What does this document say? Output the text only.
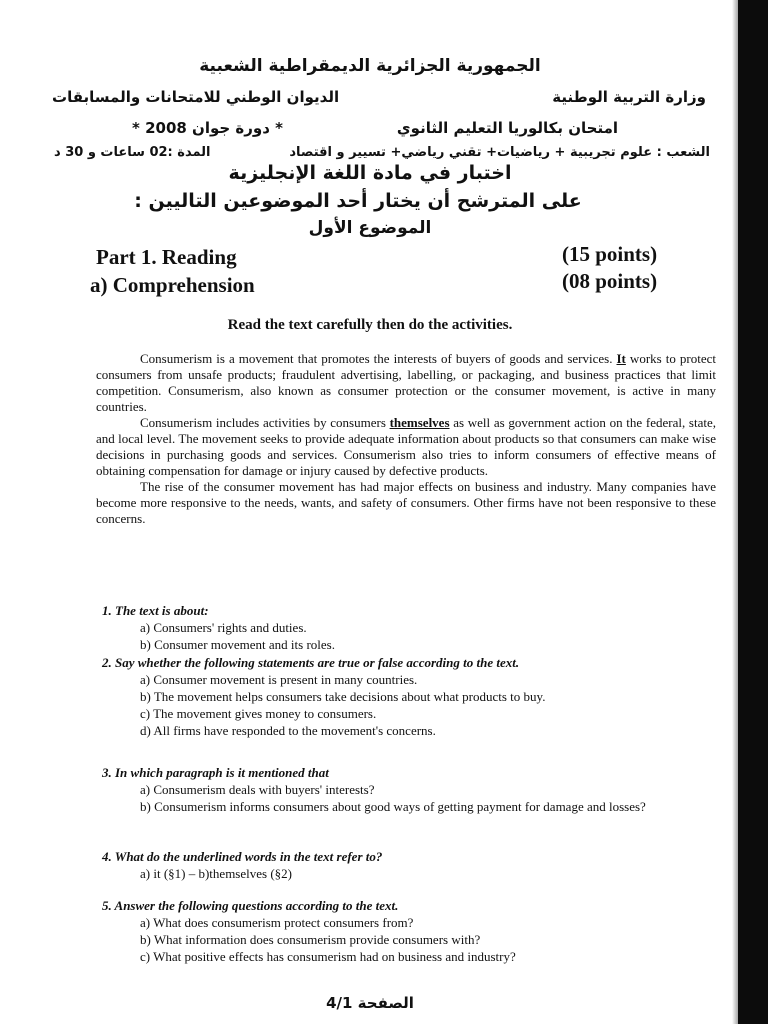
الجمهورية الجزائرية الديمقراطية الشعبية
الديوان الوطني للامتحانات والمسابقات	وزارة التربية الوطنية
* دورة جوان 2008 *	امتحان بكالوريا التعليم الثانوي
المدة :02 ساعات و 30 د	الشعب : علوم تجريبية + رياضيات+ تقني رياضي+ تسيير و اقتصاد
اختبار في مادة اللغة الإنجليزية
على المترشح أن يختار أحد الموضوعين التاليين :
الموضوع الأول
Part 1. Reading	(15 points)
a) Comprehension	(08 points)
Read the text carefully then do the activities.

Consumerism is a movement that promotes the interests of buyers of goods and services. It works to protect consumers from unsafe products; fraudulent advertising, labelling, or packaging, and business practices that limit competition. Consumerism, also known as consumer protection or the consumer movement, is active in many countries.

Consumerism includes activities by consumers themselves as well as government action on the federal, state, and local level. The movement seeks to provide adequate information about products so that consumers can make wise decisions in purchasing goods and services. Consumerism also tries to inform consumers of effective means of obtaining compensation for damage or injury caused by defective products.

The rise of the consumer movement has had major effects on business and industry. Many companies have become more responsive to the needs, wants, and safety of consumers. Other firms have not been responsive to these concerns.

1. The text is about:
a) Consumers' rights and duties.
b) Consumer movement and its roles.
2. Say whether the following statements are true or false according to the text.
a) Consumer movement is present in many countries.
b) The movement helps consumers take decisions about what products to buy.
c) The movement gives money to consumers.
d) All firms have responded to the movement's concerns.
3. In which paragraph is it mentioned that
a) Consumerism deals with buyers' interests?
b) Consumerism informs consumers about good ways of getting payment for damage and losses?
4. What do the underlined words in the text refer to?
a) it (§1) – b)themselves (§2)
5. Answer the following questions according to the text.
a) What does consumerism protect consumers from?
b) What information does consumerism provide consumers with?
c) What positive effects has consumerism had on business and industry?
الصفحة 4/1
